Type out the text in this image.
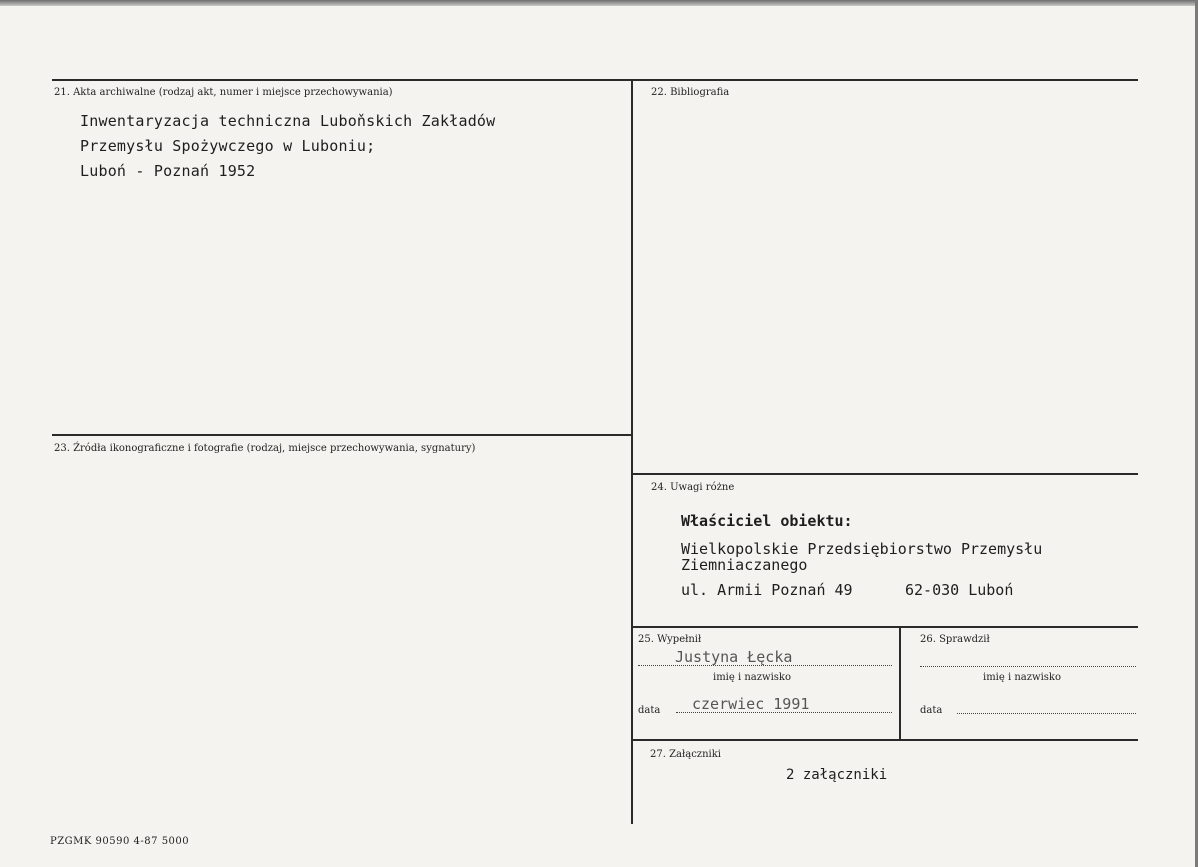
21. Akta archiwalne (rodzaj akt, numer i miejsce przechowywania)
Inwentaryzacja techniczna Luboňskich Zakładów
Przemysłu Spożywczego w Luboniu;
Luboń - Poznań 1952
22. Bibliografia
23. Źródła ikonograficzne i fotografie (rodzaj, miejsce przechowywania, sygnatury)
24. Uwagi różne
Właściciel obiektu:
Wielkopolskie Przedsiębiorstwo Przemysłu
Ziemniaczanego
ul. Armii Poznań 49	62-030 Luboń
25. Wypełnił
Justyna Łęcka
imię i nazwisko
data czerwiec 1991
26. Sprawdził
imię i nazwisko
data
27. Załączniki
2 załączniki
PZGMK 90590 4-87 5000
